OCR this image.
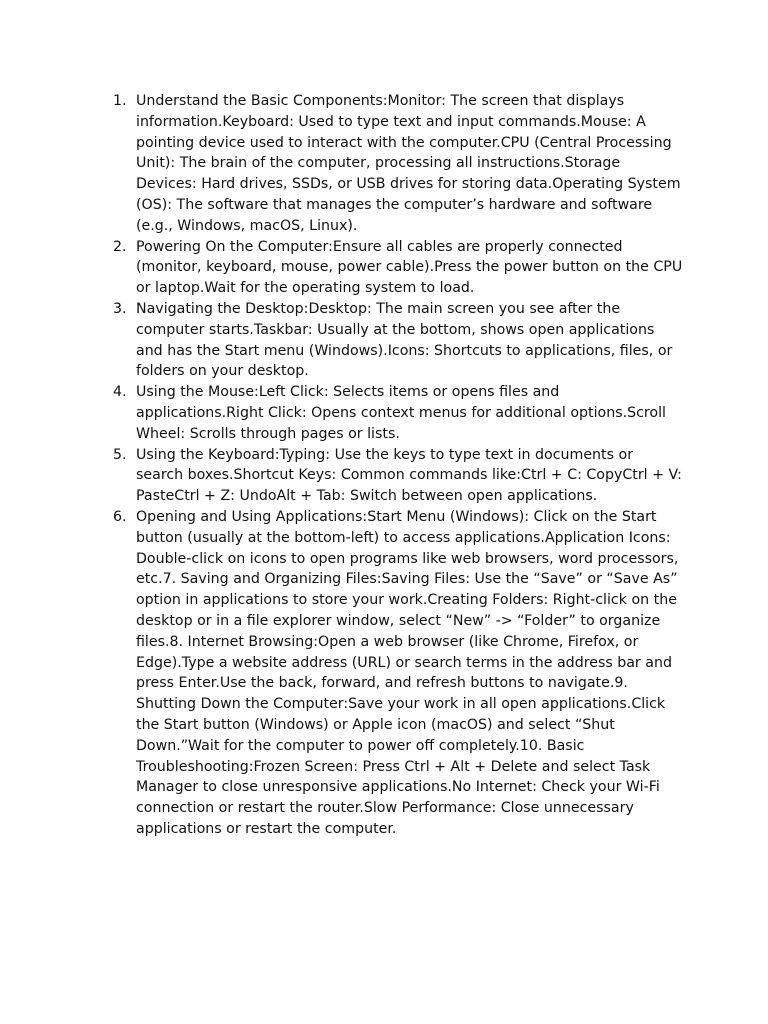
1. Understand the Basic Components:Monitor: The screen that displays information.Keyboard: Used to type text and input commands.Mouse: A pointing device used to interact with the computer.CPU (Central Processing Unit): The brain of the computer, processing all instructions.Storage Devices: Hard drives, SSDs, or USB drives for storing data.Operating System (OS): The software that manages the computer’s hardware and software (e.g., Windows, macOS, Linux).
2. Powering On the Computer:Ensure all cables are properly connected (monitor, keyboard, mouse, power cable).Press the power button on the CPU or laptop.Wait for the operating system to load.
3. Navigating the Desktop:Desktop: The main screen you see after the computer starts.Taskbar: Usually at the bottom, shows open applications and has the Start menu (Windows).Icons: Shortcuts to applications, files, or folders on your desktop.
4. Using the Mouse:Left Click: Selects items or opens files and applications.Right Click: Opens context menus for additional options.Scroll Wheel: Scrolls through pages or lists.
5. Using the Keyboard:Typing: Use the keys to type text in documents or search boxes.Shortcut Keys: Common commands like:Ctrl + C: CopyCtrl + V: PasteCtrl + Z: UndoAlt + Tab: Switch between open applications.
6. Opening and Using Applications:Start Menu (Windows): Click on the Start button (usually at the bottom-left) to access applications.Application Icons: Double-click on icons to open programs like web browsers, word processors, etc.7. Saving and Organizing Files:Saving Files: Use the “Save” or “Save As” option in applications to store your work.Creating Folders: Right-click on the desktop or in a file explorer window, select “New” -> “Folder” to organize files.8. Internet Browsing:Open a web browser (like Chrome, Firefox, or Edge).Type a website address (URL) or search terms in the address bar and press Enter.Use the back, forward, and refresh buttons to navigate.9. Shutting Down the Computer:Save your work in all open applications.Click the Start button (Windows) or Apple icon (macOS) and select “Shut Down.”Wait for the computer to power off completely.10. Basic Troubleshooting:Frozen Screen: Press Ctrl + Alt + Delete and select Task Manager to close unresponsive applications.No Internet: Check your Wi-Fi connection or restart the router.Slow Performance: Close unnecessary applications or restart the computer.
